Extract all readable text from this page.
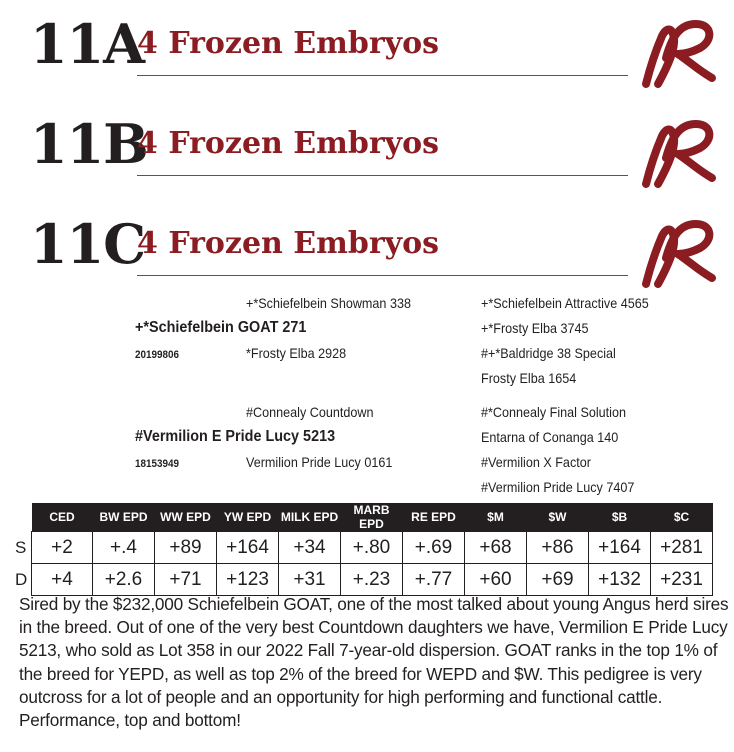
11A
4 Frozen Embryos
11B
4 Frozen Embryos
11C
4 Frozen Embryos
+*Schiefelbein Showman 338
+*Schiefelbein GOAT 271
20199806	*Frosty Elba 2928
+*Schiefelbein Attractive 4565
+*Frosty Elba 3745
#+*Baldridge 38 Special
Frosty Elba 1654
#Connealy Countdown
#Vermilion E Pride Lucy 5213
18153949	Vermilion Pride Lucy 0161
#*Connealy Final Solution
Entarna of Conanga 140
#Vermilion X Factor
#Vermilion Pride Lucy 7407
	CED	BW EPD	WW EPD	YW EPD	MILK EPD	MARB EPD	RE EPD	$M	$W	$B	$C
S	+2	+.4	+89	+164	+34	+.80	+.69	+68	+86	+164	+281
D	+4	+2.6	+71	+123	+31	+.23	+.77	+60	+69	+132	+231
Sired by the $232,000 Schiefelbein GOAT, one of the most talked about young Angus herd sires in the breed. Out of one of the very best Countdown daughters we have, Vermilion E Pride Lucy 5213, who sold as Lot 358 in our 2022 Fall 7-year-old dispersion. GOAT ranks in the top 1% of the breed for YEPD, as well as top 2% of the breed for WEPD and $W. This pedigree is very outcross for a lot of people and an opportunity for high performing and functional cattle. Performance, top and bottom!
